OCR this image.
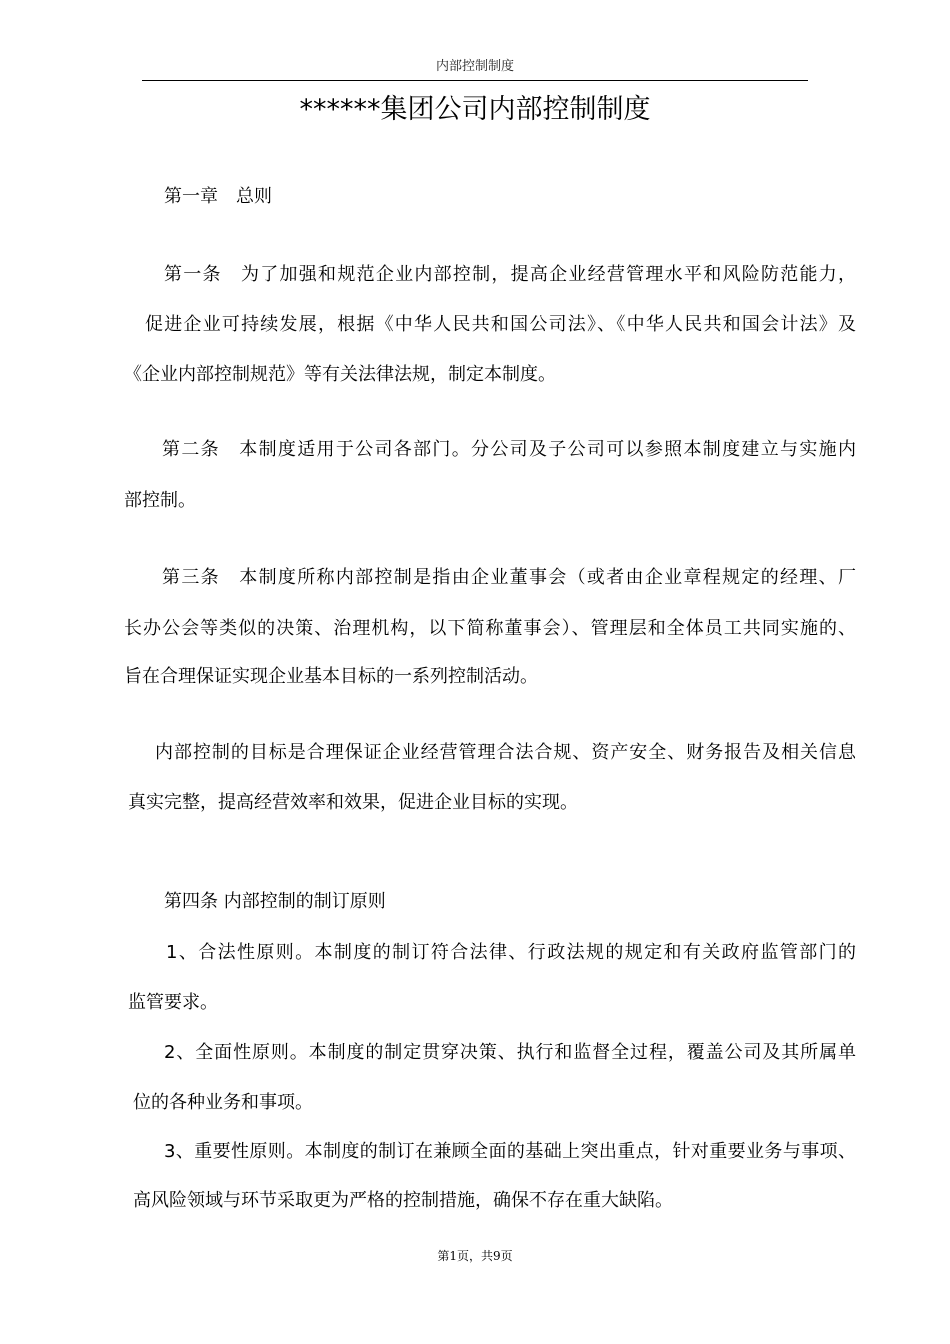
内部控制制度
******集团公司内部控制制度
第一章　总则
第一条　为了加强和规范企业内部控制，提高企业经营管理水平和风险防范能力，
促进企业可持续发展，根据《中华人民共和国公司法》、《中华人民共和国会计法》及
《企业内部控制规范》等有关法律法规，制定本制度。
第二条　本制度适用于公司各部门。分公司及子公司可以参照本制度建立与实施内
部控制。
第三条　本制度所称内部控制是指由企业董事会（或者由企业章程规定的经理、厂
长办公会等类似的决策、治理机构，以下简称董事会）、管理层和全体员工共同实施的、
旨在合理保证实现企业基本目标的一系列控制活动。
内部控制的目标是合理保证企业经营管理合法合规、资产安全、财务报告及相关信息
真实完整，提高经营效率和效果，促进企业目标的实现。
第四条 内部控制的制订原则
1、合法性原则。本制度的制订符合法律、行政法规的规定和有关政府监管部门的
监管要求。
2、全面性原则。本制度的制定贯穿决策、执行和监督全过程，覆盖公司及其所属单
位的各种业务和事项。
3、重要性原则。本制度的制订在兼顾全面的基础上突出重点，针对重要业务与事项、
高风险领域与环节采取更为严格的控制措施，确保不存在重大缺陷。
第1页，共9页
